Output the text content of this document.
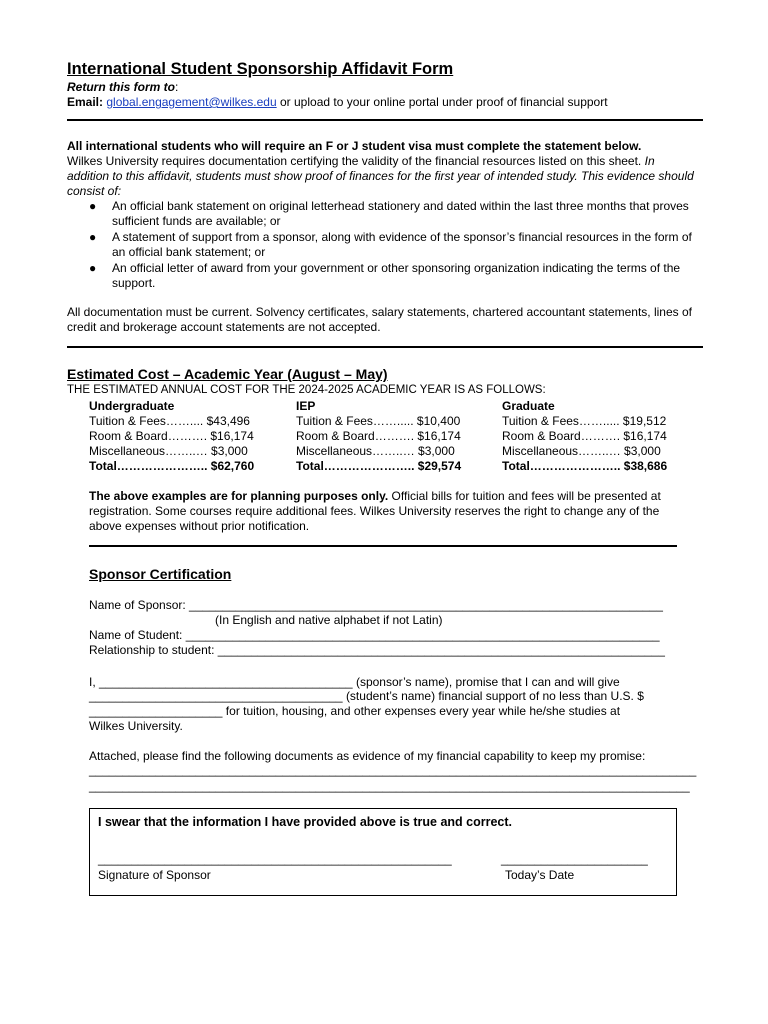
International Student Sponsorship Affidavit Form
Return this form to:
Email: global.engagement@wilkes.edu or upload to your online portal under proof of financial support
All international students who will require an F or J student visa must complete the statement below.
Wilkes University requires documentation certifying the validity of the financial resources listed on this sheet. In addition to this affidavit, students must show proof of finances for the first year of intended study. This evidence should consist of:
● An official bank statement on original letterhead stationery and dated within the last three months that proves sufficient funds are available; or
● A statement of support from a sponsor, along with evidence of the sponsor’s financial resources in the form of an official bank statement; or
● An official letter of award from your government or other sponsoring organization indicating the terms of the support.
All documentation must be current. Solvency certificates, salary statements, chartered accountant statements, lines of credit and brokerage account statements are not accepted.
Estimated Cost – Academic Year (August – May)
THE ESTIMATED ANNUAL COST FOR THE 2024-2025 ACADEMIC YEAR IS AS FOLLOWS:
Undergraduate
Tuition & Fees…….... $43,496
Room & Board………. $16,174
Miscellaneous……..… $3,000
Total………………….. $62,760
IEP
Tuition & Fees……..... $10,400
Room & Board………. $16,174
Miscellaneous……..… $3,000
Total………………….. $29,574
Graduate
Tuition & Fees……..... $19,512
Room & Board………. $16,174
Miscellaneous……..… $3,000
Total………………….. $38,686
The above examples are for planning purposes only. Official bills for tuition and fees will be presented at registration. Some courses require additional fees. Wilkes University reserves the right to change any of the above expenses without prior notification.
Sponsor Certification
Name of Sponsor: _______________________________________________________________________
(In English and native alphabet if not Latin)
Name of Student: _______________________________________________________________________
Relationship to student: ___________________________________________________________________
I, ______________________________________ (sponsor’s name), promise that I can and will give
______________________________________ (student’s name) financial support of no less than U.S. $
____________________ for tuition, housing, and other expenses every year while he/she studies at
Wilkes University.
Attached, please find the following documents as evidence of my financial capability to keep my promise:
___________________________________________________________________________________________
__________________________________________________________________________________________
I swear that the information I have provided above is true and correct.
_____________________________________________________	______________________
Signature of Sponsor	Today’s Date
